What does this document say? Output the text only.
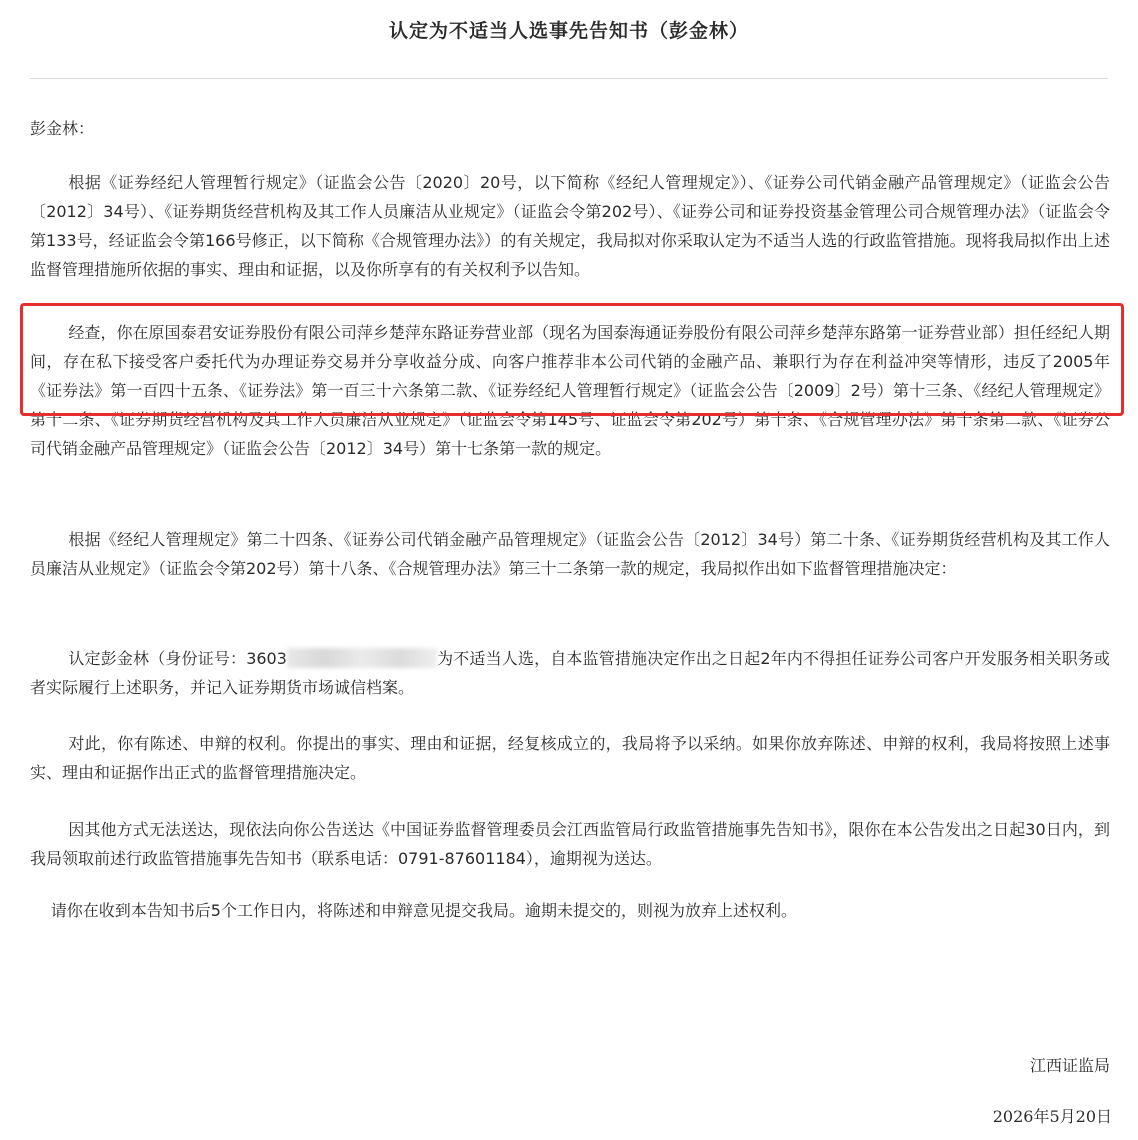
认定为不适当人选事先告知书（彭金林）
彭金林：

根据《证券经纪人管理暂行规定》（证监会公告〔2020〕20号，以下简称《经纪人管理规定》）、《证券公司代销金融产品管理规定》（证监会公告〔2012〕34号）、《证券期货经营机构及其工作人员廉洁从业规定》（证监会令第202号）、《证券公司和证券投资基金管理公司合规管理办法》（证监会令第133号，经证监会令第166号修正，以下简称《合规管理办法》）的有关规定，我局拟对你采取认定为不适当人选的行政监管措施。现将我局拟作出上述监督管理措施所依据的事实、理由和证据，以及你所享有的有关权利予以告知。

经查，你在原国泰君安证券股份有限公司萍乡楚萍东路证券营业部（现名为国泰海通证券股份有限公司萍乡楚萍东路第一证券营业部）担任经纪人期间，存在私下接受客户委托代为办理证券交易并分享收益分成、向客户推荐非本公司代销的金融产品、兼职行为存在利益冲突等情形，违反了2005年《证券法》第一百四十五条、《证券法》第一百三十六条第二款、《证券经纪人管理暂行规定》（证监会公告〔2009〕2号）第十三条、《经纪人管理规定》第十二条、《证券期货经营机构及其工作人员廉洁从业规定》（证监会令第145号、证监会令第202号）第十条、《合规管理办法》第十条第二款、《证券公司代销金融产品管理规定》（证监会公告〔2012〕34号）第十七条第一款的规定。

根据《经纪人管理规定》第二十四条、《证券公司代销金融产品管理规定》（证监会公告〔2012〕34号）第二十条、《证券期货经营机构及其工作人员廉洁从业规定》（证监会令第202号）第十八条、《合规管理办法》第三十二条第一款的规定，我局拟作出如下监督管理措施决定：

认定彭金林（身份证号：3603	为不适当人选，自本监管措施决定作出之日起2年内不得担任证券公司客户开发服务相关职务或者实际履行上述职务，并记入证券期货市场诚信档案。

对此，你有陈述、申辩的权利。你提出的事实、理由和证据，经复核成立的，我局将予以采纳。如果你放弃陈述、申辩的权利，我局将按照上述事实、理由和证据作出正式的监督管理措施决定。

因其他方式无法送达，现依法向你公告送达《中国证券监督管理委员会江西监管局行政监管措施事先告知书》，限你在本公告发出之日起30日内，到我局领取前述行政监管措施事先告知书（联系电话：0791-87601184），逾期视为送达。

请你在收到本告知书后5个工作日内，将陈述和申辩意见提交我局。逾期未提交的，则视为放弃上述权利。

江西证监局
2026年5月20日
